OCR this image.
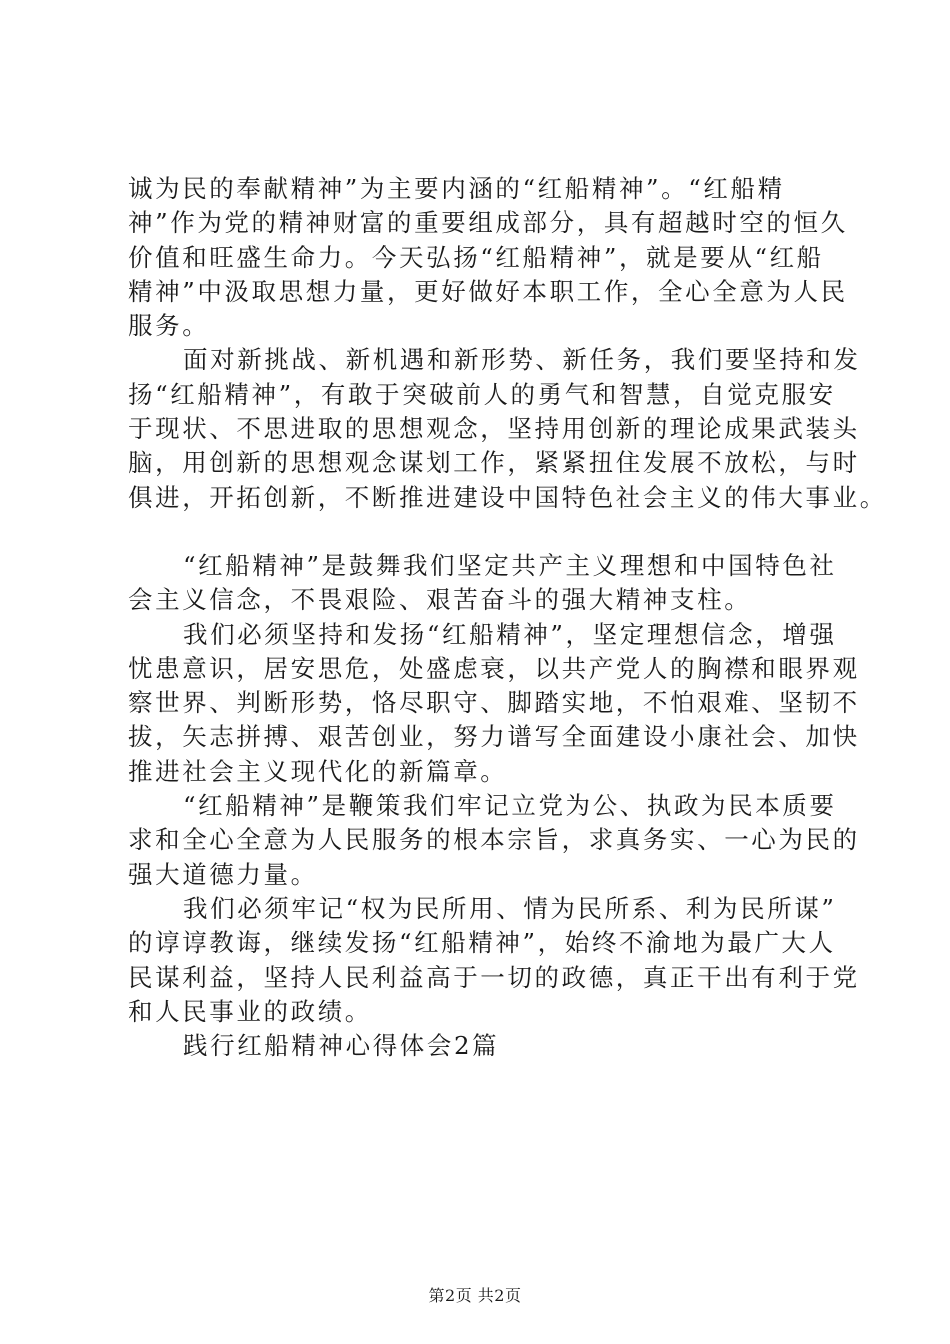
诚为民的奉献精神”为主要内涵的“红船精神”。“红船精
神”作为党的精神财富的重要组成部分，具有超越时空的恒久
价值和旺盛生命力。今天弘扬“红船精神”，就是要从“红船
精神”中汲取思想力量，更好做好本职工作，全心全意为人民
服务。
面对新挑战、新机遇和新形势、新任务，我们要坚持和发
扬“红船精神”，有敢于突破前人的勇气和智慧，自觉克服安
于现状、不思进取的思想观念，坚持用创新的理论成果武装头
脑，用创新的思想观念谋划工作，紧紧扭住发展不放松，与时
俱进，开拓创新，不断推进建设中国特色社会主义的伟大事业。
“红船精神”是鼓舞我们坚定共产主义理想和中国特色社
会主义信念，不畏艰险、艰苦奋斗的强大精神支柱。
我们必须坚持和发扬“红船精神”，坚定理想信念，增强
忧患意识，居安思危，处盛虑衰，以共产党人的胸襟和眼界观
察世界、判断形势，恪尽职守、脚踏实地，不怕艰难、坚韧不
拔，矢志拼搏、艰苦创业，努力谱写全面建设小康社会、加快
推进社会主义现代化的新篇章。
“红船精神”是鞭策我们牢记立党为公、执政为民本质要
求和全心全意为人民服务的根本宗旨，求真务实、一心为民的
强大道德力量。
我们必须牢记“权为民所用、情为民所系、利为民所谋”
的谆谆教诲，继续发扬“红船精神”，始终不渝地为最广大人
民谋利益，坚持人民利益高于一切的政德，真正干出有利于党
和人民事业的政绩。
践行红船精神心得体会2篇
第2页 共2页
